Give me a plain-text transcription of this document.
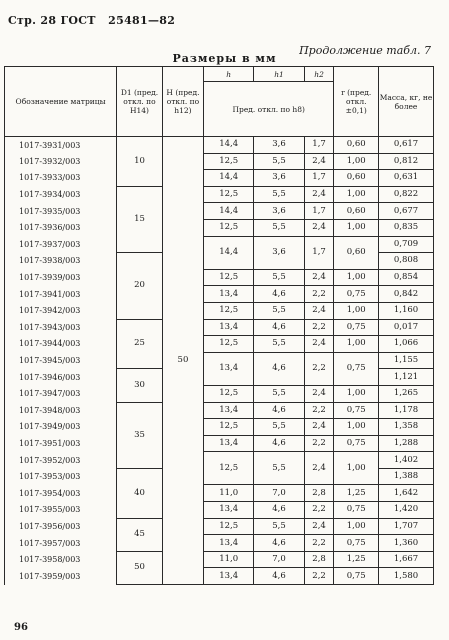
Стр. 28 ГОСТ 25481—82
Продолжение табл. 7
Размеры в мм
Обозначение матрицы	D1 (пред. откл. по H14)	H (пред. откл. по h12)	h	h1	h2	r (пред. откл. ±0,1)	Масса, кг, не более
			Пред. откл. по h8)				
1017-3931/003	10	50	14,4	3,6	1,7	0,60	0,617
1017-3932/003			12,5	5,5	2,4	1,00	0,812
1017-3933/003			14,4	3,6	1,7	0,60	0,631
1017-3934/003	15		12,5	5,5	2,4	1,00	0,822
1017-3935/003			14,4	3,6	1,7	0,60	0,677
1017-3936/003			12,5	5,5	2,4	1,00	0,835
1017-3937/003			14,4	3,6	1,7	0,60	0,709
1017-3938/003	20						0,808
1017-3939/003			12,5	5,5	2,4	1,00	0,854
1017-3941/003			13,4	4,6	2,2	0,75	0,842
1017-3942/003			12,5	5,5	2,4	1,00	1,160
1017-3943/003	25		13,4	4,6	2,2	0,75	0,017
1017-3944/003			12,5	5,5	2,4	1,00	1,066
1017-3945/003			13,4	4,6	2,2	0,75	1,155
1017-3946/003	30						1,121
1017-3947/003			12,5	5,5	2,4	1,00	1,265
1017-3948/003	35		13,4	4,6	2,2	0,75	1,178
1017-3949/003			12,5	5,5	2,4	1,00	1,358
1017-3951/003			13,4	4,6	2,2	0,75	1,288
1017-3952/003			12,5	5,5	2,4	1,00	1,402
1017-3953/003	40						1,388
1017-3954/003			11,0	7,0	2,8	1,25	1,642
1017-3955/003			13,4	4,6	2,2	0,75	1,420
1017-3956/003	45		12,5	5,5	2,4	1,00	1,707
1017-3957/003			13,4	4,6	2,2	0,75	1,360
1017-3958/003	50		11,0	7,0	2,8	1,25	1,667
1017-3959/003			13,4	4,6	2,2	0,75	1,580
96
